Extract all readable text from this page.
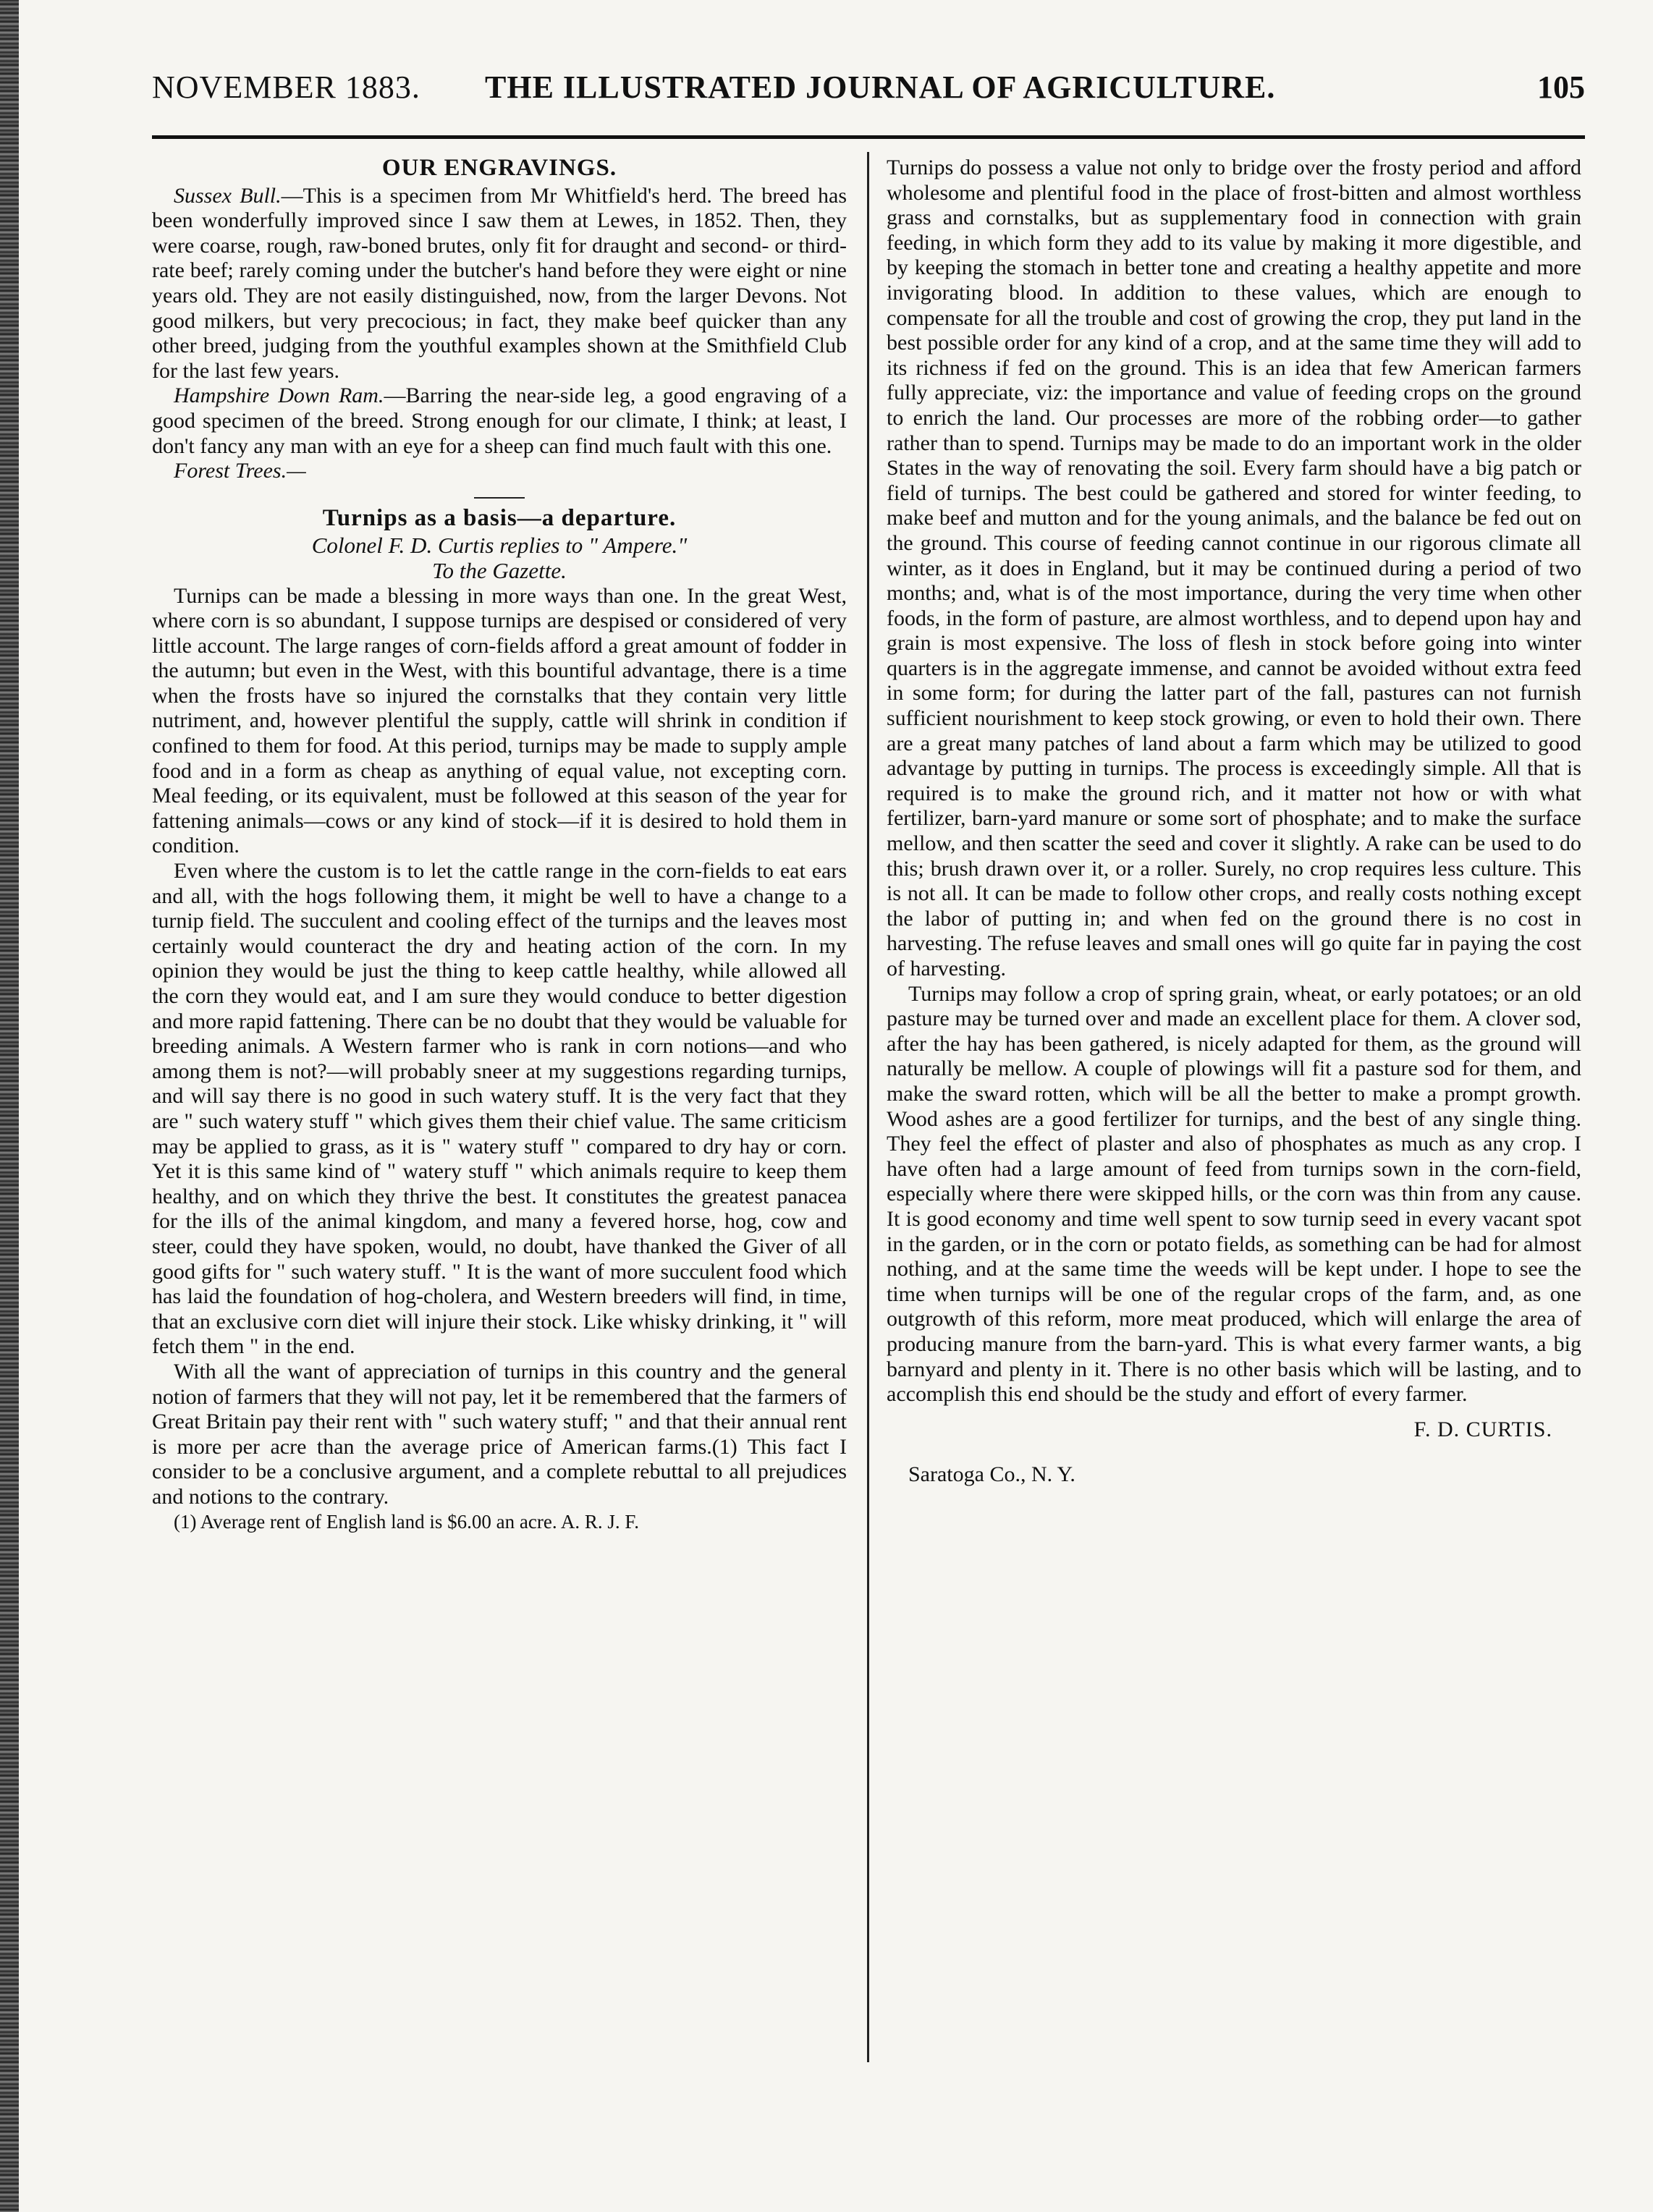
NOVEMBER 1883. THE ILLUSTRATED JOURNAL OF AGRICULTURE.	105
OUR ENGRAVINGS.

Sussex Bull.—This is a specimen from Mr Whitfield's herd. The breed has been wonderfully improved since I saw them at Lewes, in 1852. Then, they were coarse, rough, raw-boned brutes, only fit for draught and second- or third-rate beef; rarely coming under the butcher's hand before they were eight or nine years old. They are not easily distinguished, now, from the larger Devons. Not good milkers, but very precocious; in fact, they make beef quicker than any other breed, judging from the youthful examples shown at the Smithfield Club for the last few years.

Hampshire Down Ram.—Barring the near-side leg, a good engraving of a good specimen of the breed. Strong enough for our climate, I think; at least, I don't fancy any man with an eye for a sheep can find much fault with this one.

Forest Trees.—

Turnips as a basis—a departure.
Colonel F. D. Curtis replies to " Ampere."
To the Gazette.

Turnips can be made a blessing in more ways than one. In the great West, where corn is so abundant, I suppose turnips are despised or considered of very little account. The large ranges of corn-fields afford a great amount of fodder in the autumn; but even in the West, with this bountiful advantage, there is a time when the frosts have so injured the cornstalks that they contain very little nutriment, and, however plentiful the supply, cattle will shrink in condition if confined to them for food. At this period, turnips may be made to supply ample food and in a form as cheap as anything of equal value, not excepting corn. Meal feeding, or its equivalent, must be followed at this season of the year for fattening animals—cows or any kind of stock—if it is desired to hold them in condition.

Even where the custom is to let the cattle range in the corn-fields to eat ears and all, with the hogs following them, it might be well to have a change to a turnip field. The succulent and cooling effect of the turnips and the leaves most certainly would counteract the dry and heating action of the corn. In my opinion they would be just the thing to keep cattle healthy, while allowed all the corn they would eat, and I am sure they would conduce to better digestion and more rapid fattening. There can be no doubt that they would be valuable for breeding animals. A Western farmer who is rank in corn notions—and who among them is not?—will probably sneer at my suggestions regarding turnips, and will say there is no good in such watery stuff. It is the very fact that they are " such watery stuff " which gives them their chief value. The same criticism may be applied to grass, as it is " watery stuff " compared to dry hay or corn. Yet it is this same kind of " watery stuff " which animals require to keep them healthy, and on which they thrive the best. It constitutes the greatest panacea for the ills of the animal kingdom, and many a fevered horse, hog, cow and steer, could they have spoken, would, no doubt, have thanked the Giver of all good gifts for " such watery stuff. " It is the want of more succulent food which has laid the foundation of hog-cholera, and Western breeders will find, in time, that an exclusive corn diet will injure their stock. Like whisky drinking, it " will fetch them " in the end.

With all the want of appreciation of turnips in this country and the general notion of farmers that they will not pay, let it be remembered that the farmers of Great Britain pay their rent with " such watery stuff; " and that their annual rent is more per acre than the average price of American farms.(1) This fact I consider to be a conclusive argument, and a complete rebuttal to all prejudices and notions to the contrary.

(1) Average rent of English land is $6.00 an acre. A. R. J. F.

Turnips do possess a value not only to bridge over the frosty period and afford wholesome and plentiful food in the place of frost-bitten and almost worthless grass and cornstalks, but as supplementary food in connection with grain feeding, in which form they add to its value by making it more digestible, and by keeping the stomach in better tone and creating a healthy appetite and more invigorating blood. In addition to these values, which are enough to compensate for all the trouble and cost of growing the crop, they put land in the best possible order for any kind of a crop, and at the same time they will add to its richness if fed on the ground. This is an idea that few American farmers fully appreciate, viz: the importance and value of feeding crops on the ground to enrich the land. Our processes are more of the robbing order—to gather rather than to spend. Turnips may be made to do an important work in the older States in the way of renovating the soil. Every farm should have a big patch or field of turnips. The best could be gathered and stored for winter feeding, to make beef and mutton and for the young animals, and the balance be fed out on the ground. This course of feeding cannot continue in our rigorous climate all winter, as it does in England, but it may be continued during a period of two months; and, what is of the most importance, during the very time when other foods, in the form of pasture, are almost worthless, and to depend upon hay and grain is most expensive. The loss of flesh in stock before going into winter quarters is in the aggregate immense, and cannot be avoided without extra feed in some form; for during the latter part of the fall, pastures can not furnish sufficient nourishment to keep stock growing, or even to hold their own. There are a great many patches of land about a farm which may be utilized to good advantage by putting in turnips. The process is exceedingly simple. All that is required is to make the ground rich, and it matter not how or with what fertilizer, barn-yard manure or some sort of phosphate; and to make the surface mellow, and then scatter the seed and cover it slightly. A rake can be used to do this; brush drawn over it, or a roller. Surely, no crop requires less culture. This is not all. It can be made to follow other crops, and really costs nothing except the labor of putting in; and when fed on the ground there is no cost in harvesting. The refuse leaves and small ones will go quite far in paying the cost of harvesting.

Turnips may follow a crop of spring grain, wheat, or early potatoes; or an old pasture may be turned over and made an excellent place for them. A clover sod, after the hay has been gathered, is nicely adapted for them, as the ground will naturally be mellow. A couple of plowings will fit a pasture sod for them, and make the sward rotten, which will be all the better to make a prompt growth. Wood ashes are a good fertilizer for turnips, and the best of any single thing. They feel the effect of plaster and also of phosphates as much as any crop. I have often had a large amount of feed from turnips sown in the corn-field, especially where there were skipped hills, or the corn was thin from any cause. It is good economy and time well spent to sow turnip seed in every vacant spot in the garden, or in the corn or potato fields, as something can be had for almost nothing, and at the same time the weeds will be kept under. I hope to see the time when turnips will be one of the regular crops of the farm, and, as one outgrowth of this reform, more meat produced, which will enlarge the area of producing manure from the barn-yard. This is what every farmer wants, a big barnyard and plenty in it. There is no other basis which will be lasting, and to accomplish this end should be the study and effort of every farmer.

F. D. CURTIS.
Saratoga Co., N. Y.
